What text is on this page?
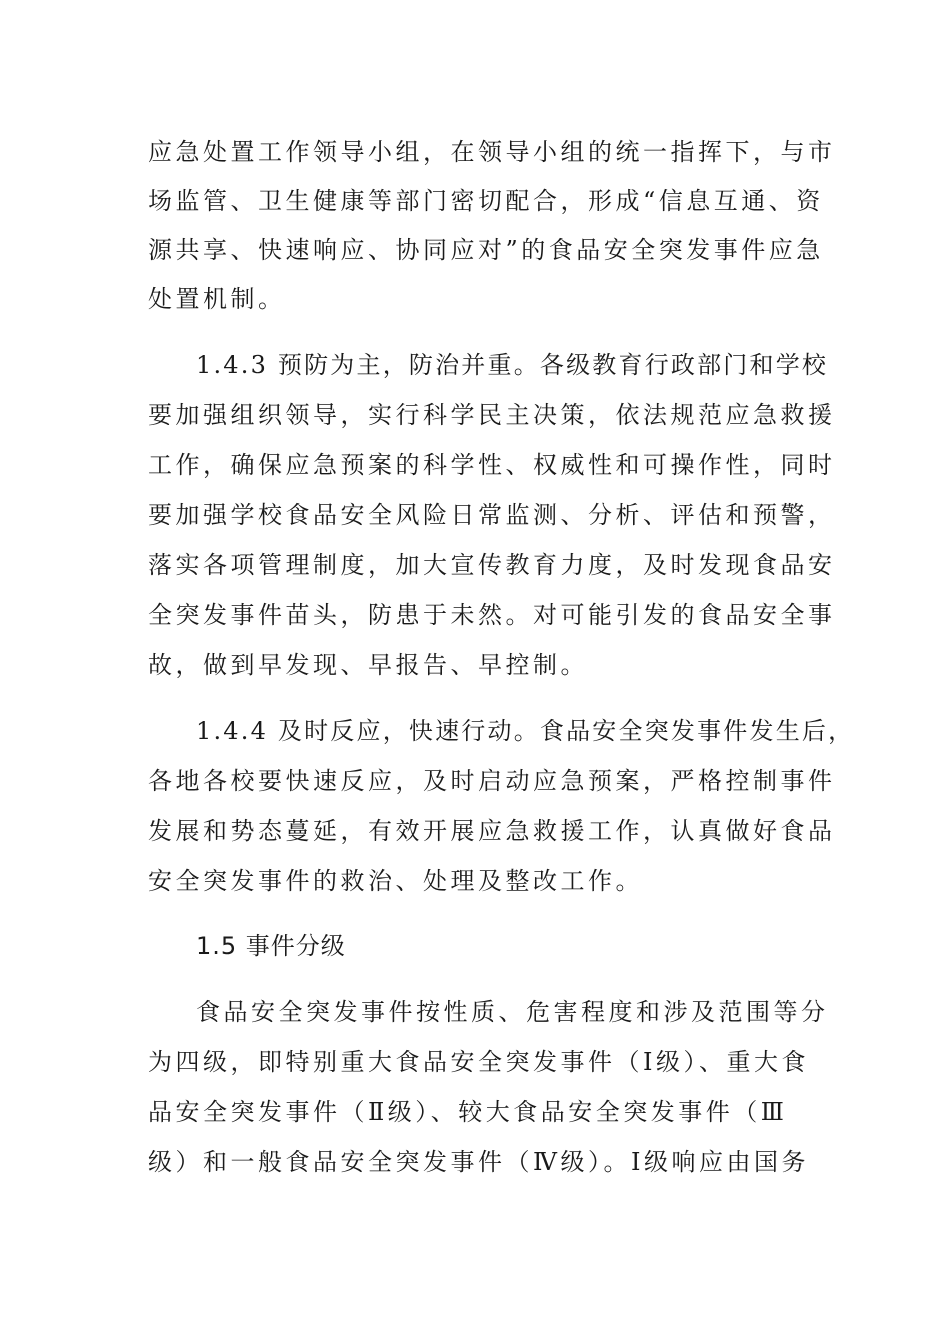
应急处置工作领导小组，在领导小组的统一指挥下，与市
场监管、卫生健康等部门密切配合，形成“信息互通、资
源共享、快速响应、协同应对”的食品安全突发事件应急
处置机制。
1.4.3 预防为主，防治并重。各级教育行政部门和学校
要加强组织领导，实行科学民主决策，依法规范应急救援
工作，确保应急预案的科学性、权威性和可操作性，同时
要加强学校食品安全风险日常监测、分析、评估和预警，
落实各项管理制度，加大宣传教育力度，及时发现食品安
全突发事件苗头，防患于未然。对可能引发的食品安全事
故，做到早发现、早报告、早控制。
1.4.4 及时反应，快速行动。食品安全突发事件发生后，
各地各校要快速反应，及时启动应急预案，严格控制事件
发展和势态蔓延，有效开展应急救援工作，认真做好食品
安全突发事件的救治、处理及整改工作。
1.5 事件分级
食品安全突发事件按性质、危害程度和涉及范围等分
为四级，即特别重大食品安全突发事件（Ⅰ级）、重大食
品安全突发事件（Ⅱ级）、较大食品安全突发事件（Ⅲ
级）和一般食品安全突发事件（Ⅳ级）。Ⅰ级响应由国务
